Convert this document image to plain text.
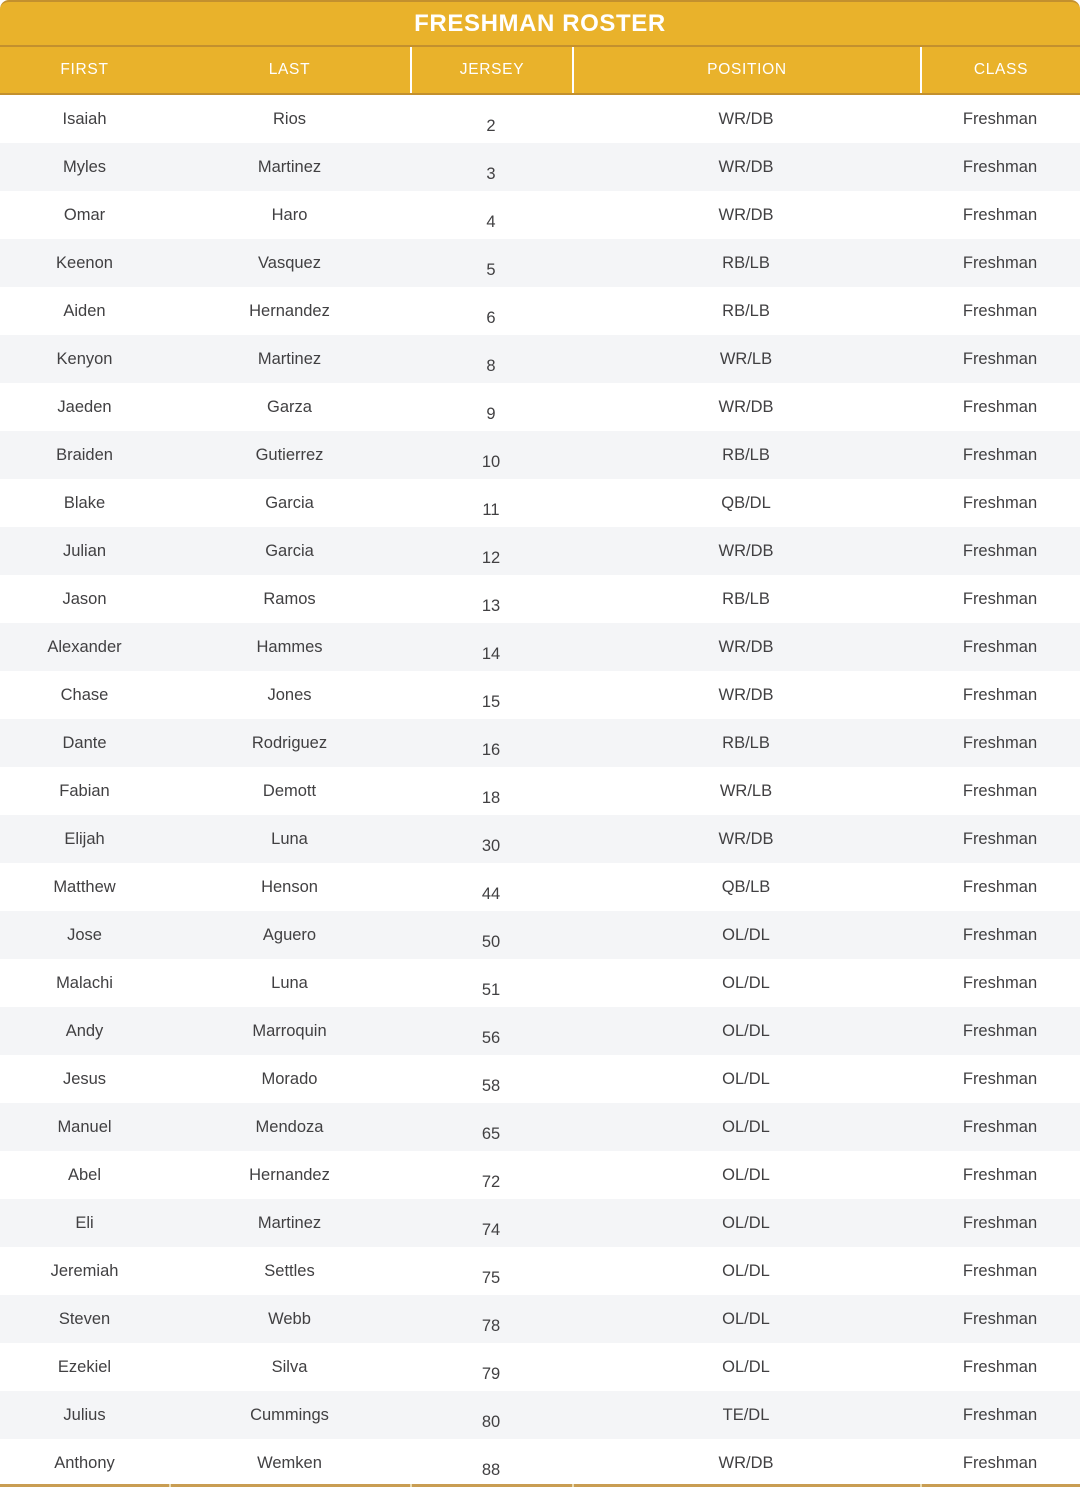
FRESHMAN ROSTER
FIRST	LAST	JERSEY	POSITION	CLASS
Isaiah	Rios	2	WR/DB	Freshman
Myles	Martinez	3	WR/DB	Freshman
Omar	Haro	4	WR/DB	Freshman
Keenon	Vasquez	5	RB/LB	Freshman
Aiden	Hernandez	6	RB/LB	Freshman
Kenyon	Martinez	8	WR/LB	Freshman
Jaeden	Garza	9	WR/DB	Freshman
Braiden	Gutierrez	10	RB/LB	Freshman
Blake	Garcia	11	QB/DL	Freshman
Julian	Garcia	12	WR/DB	Freshman
Jason	Ramos	13	RB/LB	Freshman
Alexander	Hammes	14	WR/DB	Freshman
Chase	Jones	15	WR/DB	Freshman
Dante	Rodriguez	16	RB/LB	Freshman
Fabian	Demott	18	WR/LB	Freshman
Elijah	Luna	30	WR/DB	Freshman
Matthew	Henson	44	QB/LB	Freshman
Jose	Aguero	50	OL/DL	Freshman
Malachi	Luna	51	OL/DL	Freshman
Andy	Marroquin	56	OL/DL	Freshman
Jesus	Morado	58	OL/DL	Freshman
Manuel	Mendoza	65	OL/DL	Freshman
Abel	Hernandez	72	OL/DL	Freshman
Eli	Martinez	74	OL/DL	Freshman
Jeremiah	Settles	75	OL/DL	Freshman
Steven	Webb	78	OL/DL	Freshman
Ezekiel	Silva	79	OL/DL	Freshman
Julius	Cummings	80	TE/DL	Freshman
Anthony	Wemken	88	WR/DB	Freshman
